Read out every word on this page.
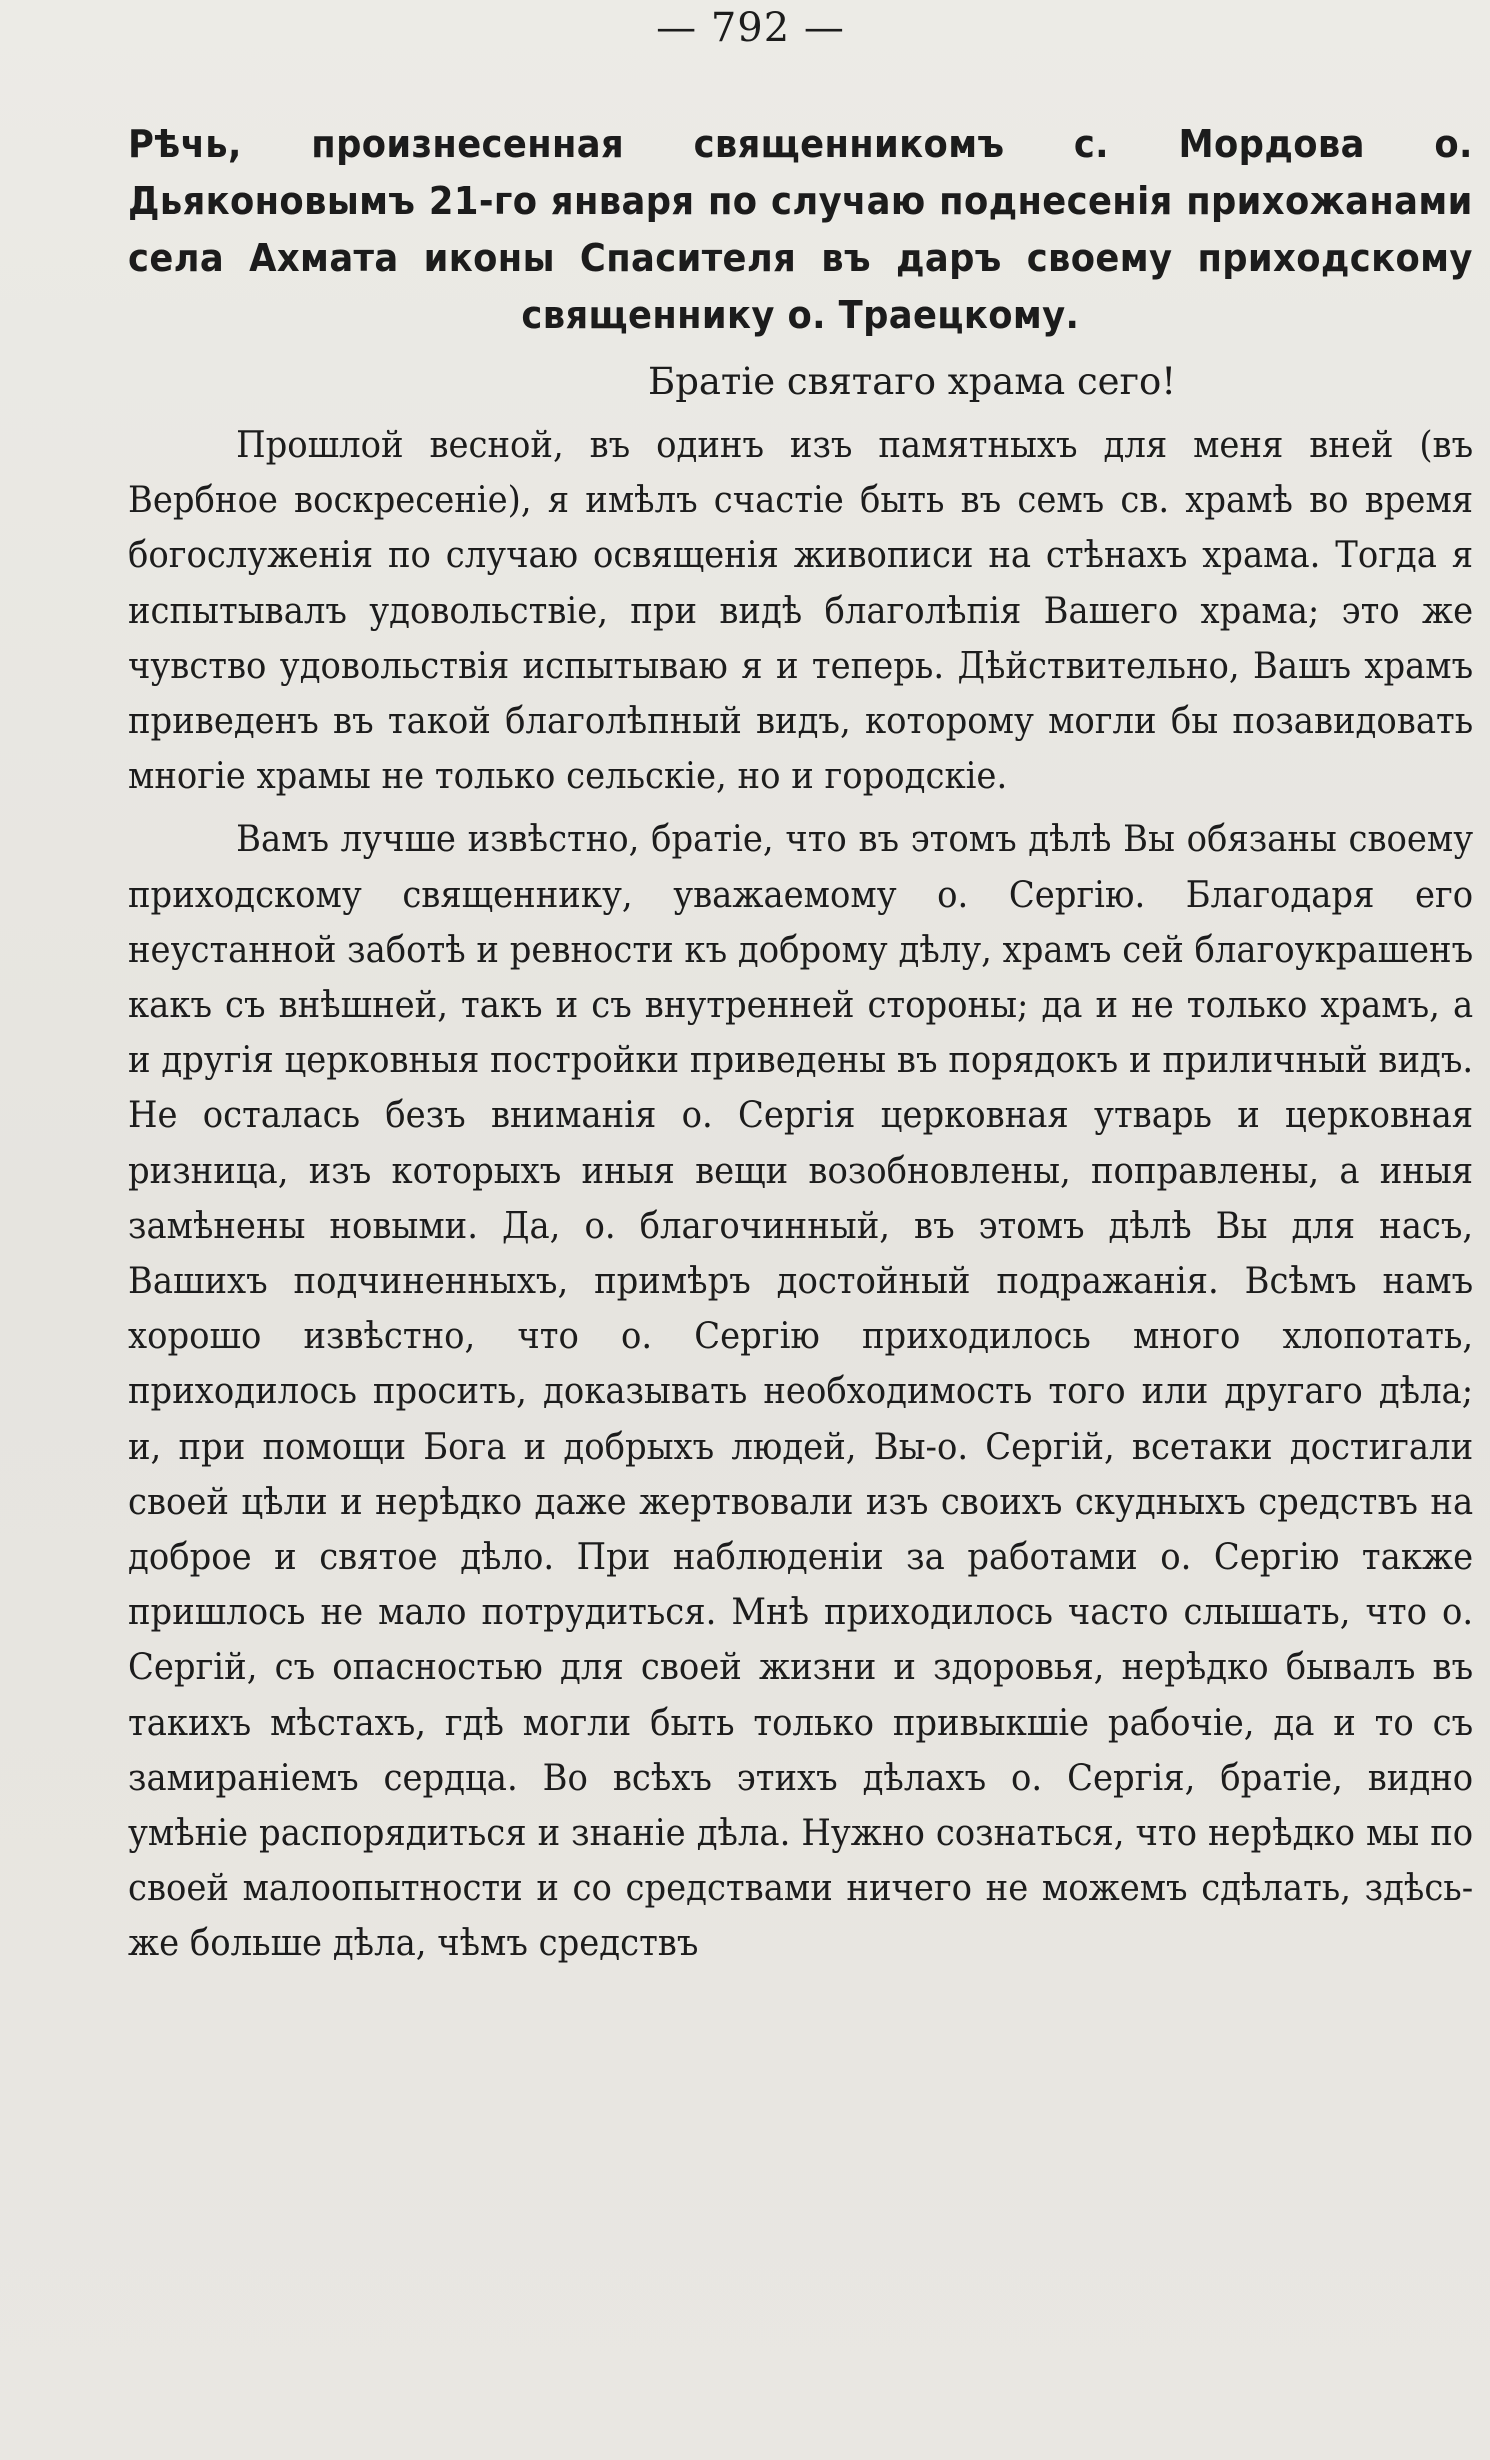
— 792 —
Рѣчь, произнесенная священникомъ с. Мордова о. Дьяконовымъ 21-го января по случаю поднесенія прихожанами села Ахмата иконы Спасителя въ даръ своему приходскому священнику о. Траецкому.
Братіе святаго храма сего!

Прошлой весной, въ одинъ изъ памятныхъ для меня вней (въ Вербное воскресеніе), я имѣлъ счастіе быть въ семъ св. храмѣ во время богослуженія по случаю освященія живописи на стѣнахъ храма. Тогда я испытывалъ удовольствіе, при видѣ благолѣпія Вашего храма; это же чувство удовольствія испытываю я и теперь. Дѣйствительно, Вашъ храмъ приведенъ въ такой благолѣпный видъ, которому могли бы позавидовать многіе храмы не только сельскіе, но и городскіе.

Вамъ лучше извѣстно, братіе, что въ этомъ дѣлѣ Вы обязаны своему приходскому священнику, уважаемому о. Сергію. Благодаря его неустанной заботѣ и ревности къ доброму дѣлу, храмъ сей благоукрашенъ какъ съ внѣшней, такъ и съ внутренней стороны; да и не только храмъ, а и другія церковныя постройки приведены въ порядокъ и приличный видъ. Не осталась безъ вниманія о. Сергія церковная утварь и церковная ризница, изъ которыхъ иныя вещи возобновлены, поправлены, а иныя замѣнены новыми. Да, о. благочинный, въ этомъ дѣлѣ Вы для насъ, Вашихъ подчиненныхъ, примѣръ достойный подражанія. Всѣмъ намъ хорошо извѣстно, что о. Сергію приходилось много хлопотать, приходилось просить, доказывать необходимость того или другаго дѣла; и, при помощи Бога и добрыхъ людей, Вы-о. Сергій, всетаки достигали своей цѣли и нерѣдко даже жертвовали изъ своихъ скудныхъ средствъ на доброе и святое дѣло. При наблюденіи за работами о. Сергію также пришлось не мало потрудиться. Мнѣ приходилось часто слышать, что о. Сергій, съ опасностью для своей жизни и здоровья, нерѣдко бывалъ въ такихъ мѣстахъ, гдѣ могли быть только привыкшіе рабочіе, да и то съ замираніемъ сердца. Во всѣхъ этихъ дѣлахъ о. Сергія, братіе, видно умѣніе распорядиться и знаніе дѣла. Нужно сознаться, что нерѣдко мы по своей малоопытности и со средствами ничего не можемъ сдѣлать, здѣсь-же больше дѣла, чѣмъ средствъ
